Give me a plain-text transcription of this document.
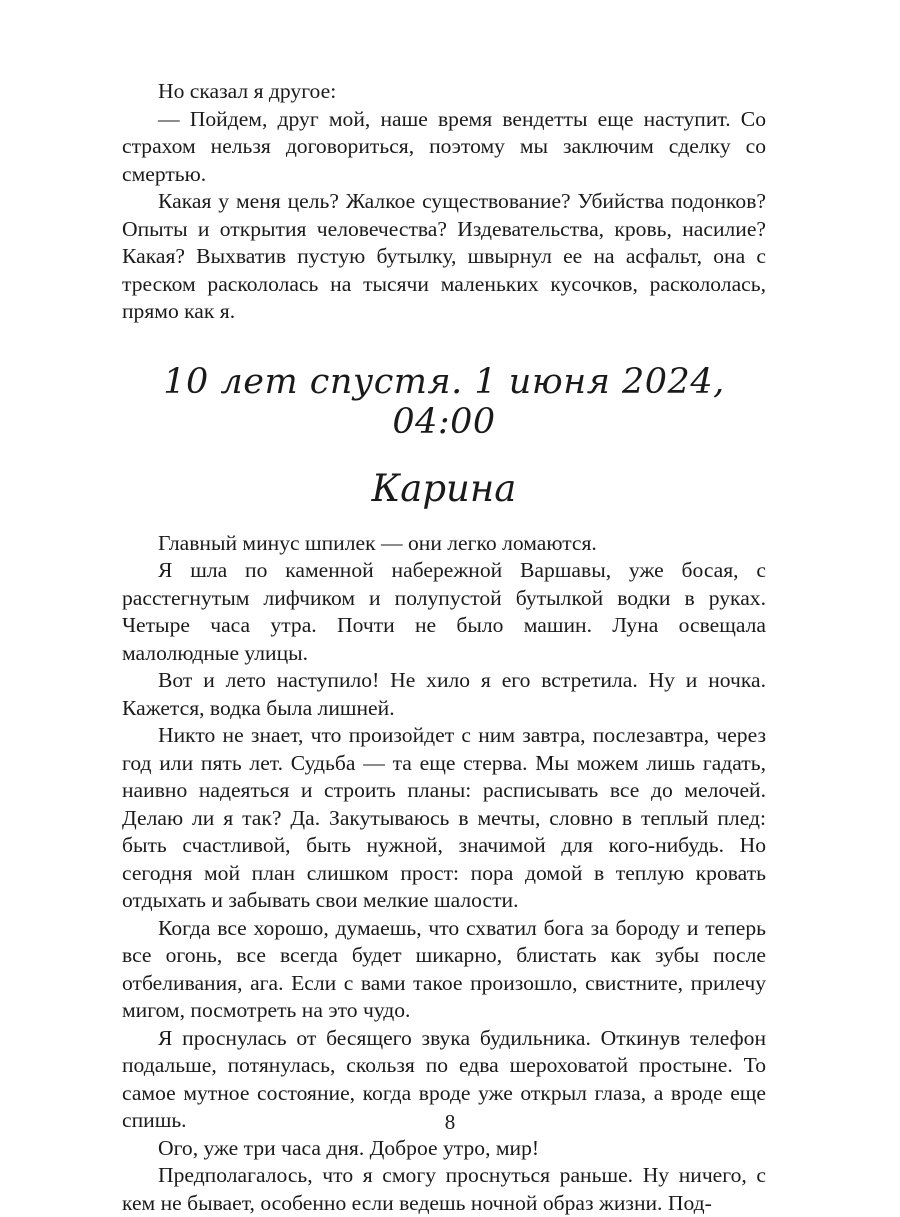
Но сказал я другое:

— Пойдем, друг мой, наше время вендетты еще наступит. Со страхом нельзя договориться, поэтому мы заключим сделку со смертью.

Какая у меня цель? Жалкое существование? Убийства подонков? Опыты и открытия человечества? Издевательства, кровь, насилие? Какая? Выхватив пустую бутылку, швырнул ее на асфальт, она с треском раскололась на тысячи маленьких кусочков, раскололась, прямо как я.

10 лет спустя. 1 июня 2024, 04:00
Карина

Главный минус шпилек — они легко ломаются.

Я шла по каменной набережной Варшавы, уже босая, с расстегнутым лифчиком и полупустой бутылкой водки в руках. Четыре часа утра. Почти не было машин. Луна освещала малолюдные улицы.

Вот и лето наступило! Не хило я его встретила. Ну и ночка. Кажется, водка была лишней.

Никто не знает, что произойдет с ним завтра, послезавтра, через год или пять лет. Судьба — та еще стерва. Мы можем лишь гадать, наивно надеяться и строить планы: расписывать все до мелочей. Делаю ли я так? Да. Закутываюсь в мечты, словно в теплый плед: быть счастливой, быть нужной, значимой для кого-нибудь. Но сегодня мой план слишком прост: пора домой в теплую кровать отдыхать и забывать свои мелкие шалости.

Когда все хорошо, думаешь, что схватил бога за бороду и теперь все огонь, все всегда будет шикарно, блистать как зубы после отбеливания, ага. Если с вами такое произошло, свистните, прилечу мигом, посмотреть на это чудо.

Я проснулась от бесящего звука будильника. Откинув телефон подальше, потянулась, скользя по едва шероховатой простыне. То самое мутное состояние, когда вроде уже открыл глаза, а вроде еще спишь.

Ого, уже три часа дня. Доброе утро, мир!

Предполагалось, что я смогу проснуться раньше. Ну ничего, с кем не бывает, особенно если ведешь ночной образ жизни. Под-

8
